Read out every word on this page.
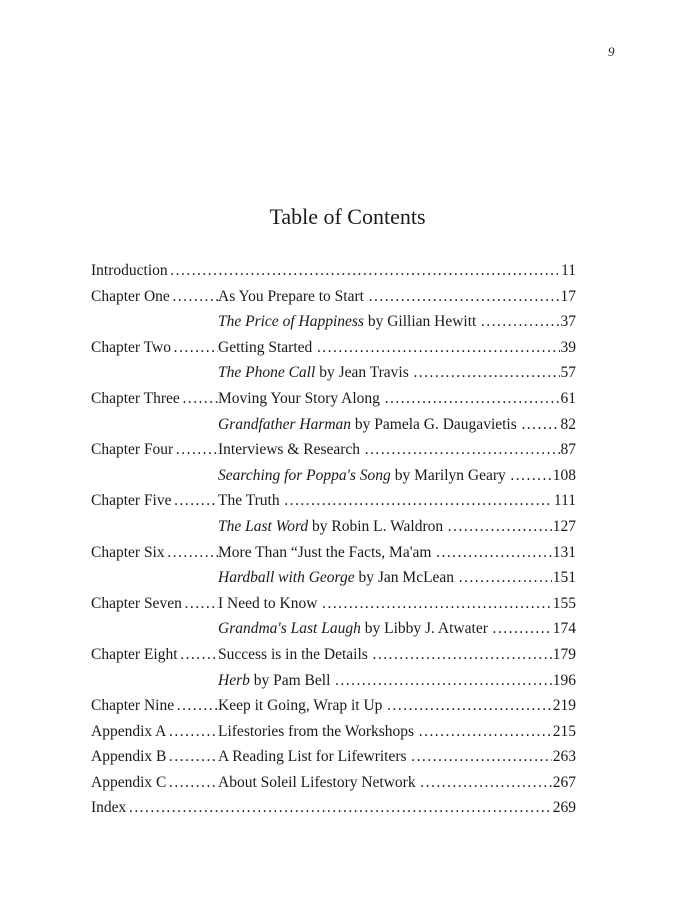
9
Table of Contents
Introduction . . .	11
Chapter One . . .	As You Prepare to Start . . .	17
The Price of Happiness by Gillian Hewitt . . .	37
Chapter Two . . .	Getting Started . . .	39
The Phone Call by Jean Travis . . .	57
Chapter Three . . .	Moving Your Story Along . . .	61
Grandfather Harman by Pamela G. Daugavietis . . .	82
Chapter Four . . .	Interviews & Research . . .	87
Searching for Poppa's Song by Marilyn Geary . . .	108
Chapter Five . . .	The Truth . . .	111
The Last Word by Robin L. Waldron . . .	127
Chapter Six . . .	More Than “Just the Facts, Ma'am . . .	131
Hardball with George by Jan McLean . . .	151
Chapter Seven . . .	I Need to Know . . .	155
Grandma's Last Laugh by Libby J. Atwater . . .	174
Chapter Eight . . .	Success is in the Details . . .	179
Herb by Pam Bell . . .	196
Chapter Nine . . .	Keep it Going, Wrap it Up . . .	219
Appendix A . . .	Lifestories from the Workshops . . .	215
Appendix B . . .	A Reading List for Lifewriters . . .	263
Appendix C . . .	About Soleil Lifestory Network . . .	267
Index . . .	269
